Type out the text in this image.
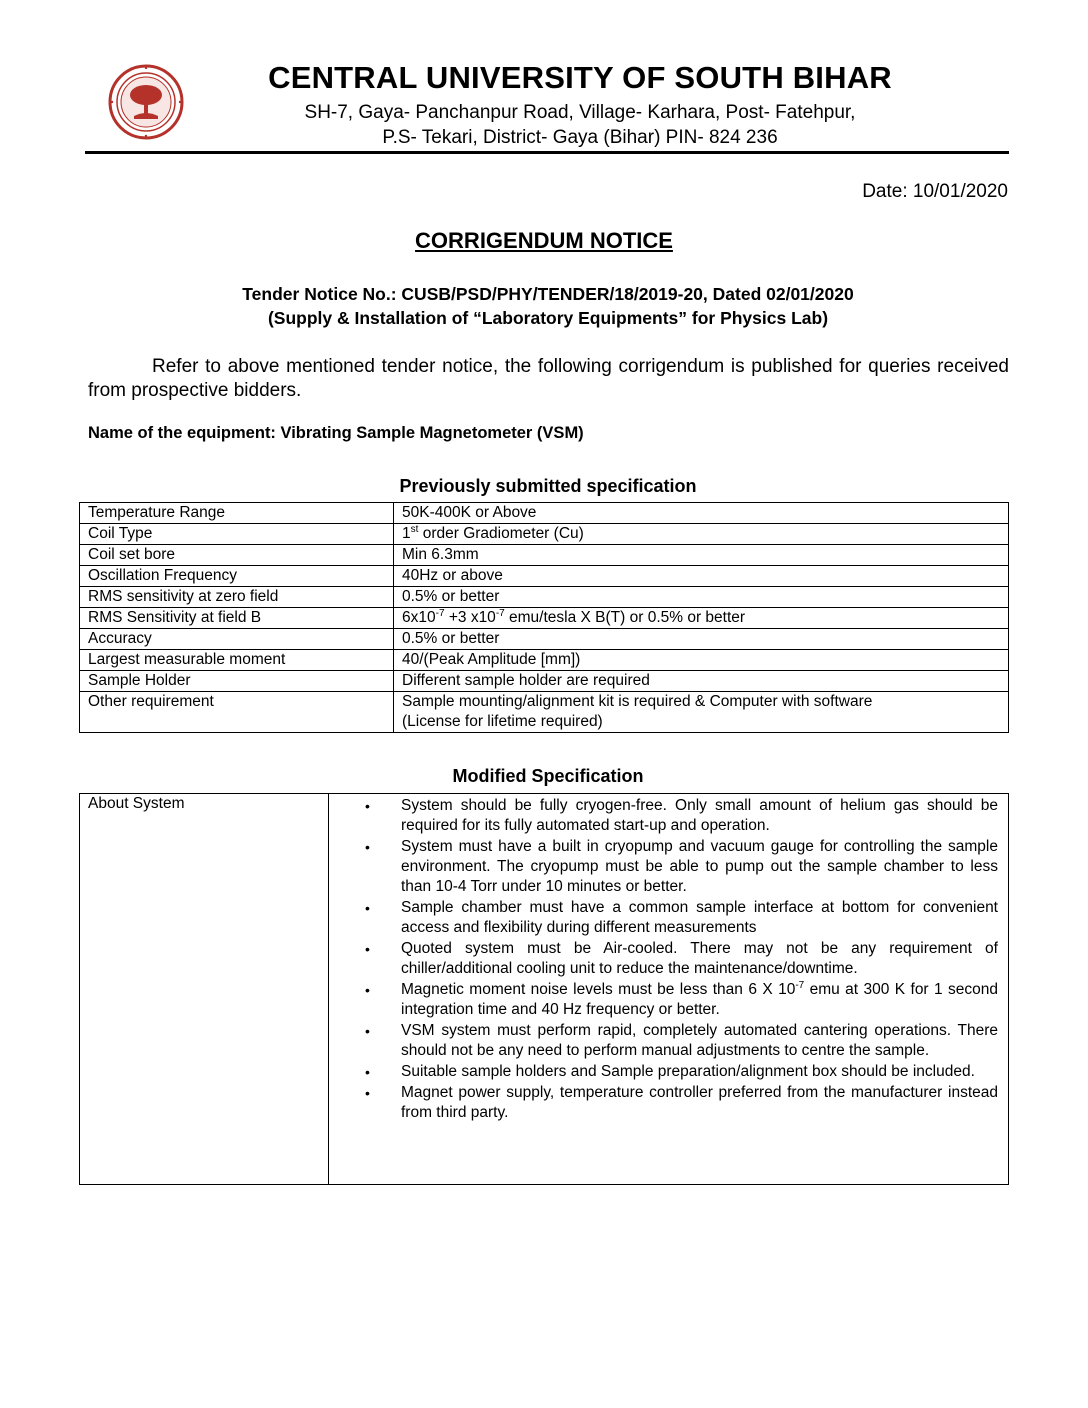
CENTRAL UNIVERSITY OF SOUTH BIHAR
SH-7, Gaya- Panchanpur Road, Village- Karhara, Post- Fatehpur,
P.S- Tekari, District- Gaya (Bihar) PIN- 824 236
Date: 10/01/2020
CORRIGENDUM NOTICE
Tender Notice No.: CUSB/PSD/PHY/TENDER/18/2019-20, Dated 02/01/2020
(Supply & Installation of “Laboratory Equipments” for Physics Lab)
Refer to above mentioned tender notice, the following corrigendum is published for queries received from prospective bidders.
Name of the equipment: Vibrating Sample Magnetometer (VSM)
Previously submitted specification
Temperature Range	50K-400K or Above
Coil Type	1st order Gradiometer (Cu)
Coil set bore	Min 6.3mm
Oscillation Frequency	40Hz or above
RMS sensitivity at zero field	0.5% or better
RMS Sensitivity at field B	$6x10^{-7} +3$ $x10^{-7}$ emu/tesla X B(T) or 0.5% or better
Accuracy	0.5% or better
Largest measurable moment	40/(Peak Amplitude [mm])
Sample Holder	Different sample holder are required
Other requirement	Sample mounting/alignment kit is required & Computer with software
(License for lifetime required)
Modified Specification
About System	• System should be fully cryogen-free. Only small amount of helium gas should be required for its fully automated start-up and operation.
• System must have a built in cryopump and vacuum gauge for controlling the sample environment. The cryopump must be able to pump out the sample chamber to less than 10-4 Torr under 10 minutes or better.
• Sample chamber must have a common sample interface at bottom for convenient access and flexibility during different measurements
• Quoted system must be Air-cooled. There may not be any requirement of chiller/additional cooling unit to reduce the maintenance/downtime.
• Magnetic moment noise levels must be less than 6 X $10^{-7}$ emu at 300 K for 1 second integration time and 40 Hz frequency or better.
• VSM system must perform rapid, completely automated cantering operations. There should not be any need to perform manual adjustments to centre the sample.
• Suitable sample holders and Sample preparation/alignment box should be included.
• Magnet power supply, temperature controller preferred from the manufacturer instead from third party.
